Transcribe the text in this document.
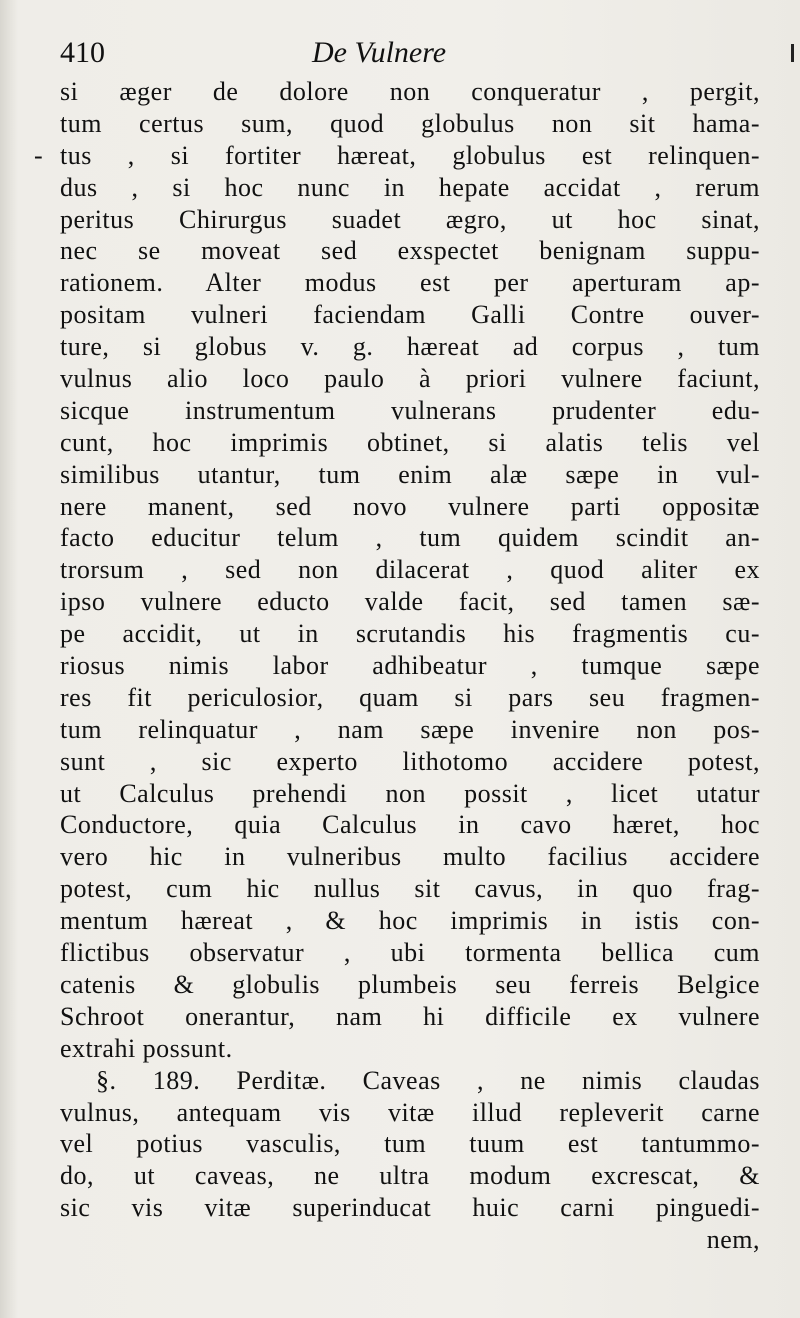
410	De Vulnere
-
si æger de dolore non conqueratur , pergit,
tum certus sum, quod globulus non sit hama-
tus , si fortiter hæreat, globulus est relinquen-
dus , si hoc nunc in hepate accidat , rerum
peritus Chirurgus suadet ægro, ut hoc sinat,
nec se moveat sed exspectet benignam suppu-
rationem. Alter modus est per aperturam ap-
positam vulneri faciendam Galli Contre ouver-
ture, si globus v. g. hæreat ad corpus , tum
vulnus alio loco paulo à priori vulnere faciunt,
sicque instrumentum vulnerans prudenter edu-
cunt, hoc imprimis obtinet, si alatis telis vel
similibus utantur, tum enim alæ sæpe in vul-
nere manent, sed novo vulnere parti oppositæ
facto educitur telum , tum quidem scindit an-
trorsum , sed non dilacerat , quod aliter ex
ipso vulnere educto valde facit, sed tamen sæ-
pe accidit, ut in scrutandis his fragmentis cu-
riosus nimis labor adhibeatur , tumque sæpe
res fit periculosior, quam si pars seu fragmen-
tum relinquatur , nam sæpe invenire non pos-
sunt , sic experto lithotomo accidere potest,
ut Calculus prehendi non possit , licet utatur
Conductore, quia Calculus in cavo hæret, hoc
vero hic in vulneribus multo facilius accidere
potest, cum hic nullus sit cavus, in quo frag-
mentum hæreat , & hoc imprimis in istis con-
flictibus observatur , ubi tormenta bellica cum
catenis & globulis plumbeis seu ferreis Belgice
Schroot onerantur, nam hi difficile ex vulnere
extrahi possunt.
§. 189. Perditæ. Caveas , ne nimis claudas
vulnus, antequam vis vitæ illud repleverit carne
vel potius vasculis, tum tuum est tantummo-
do, ut caveas, ne ultra modum excrescat, &
sic vis vitæ superinducat huic carni pinguedi-
nem,
